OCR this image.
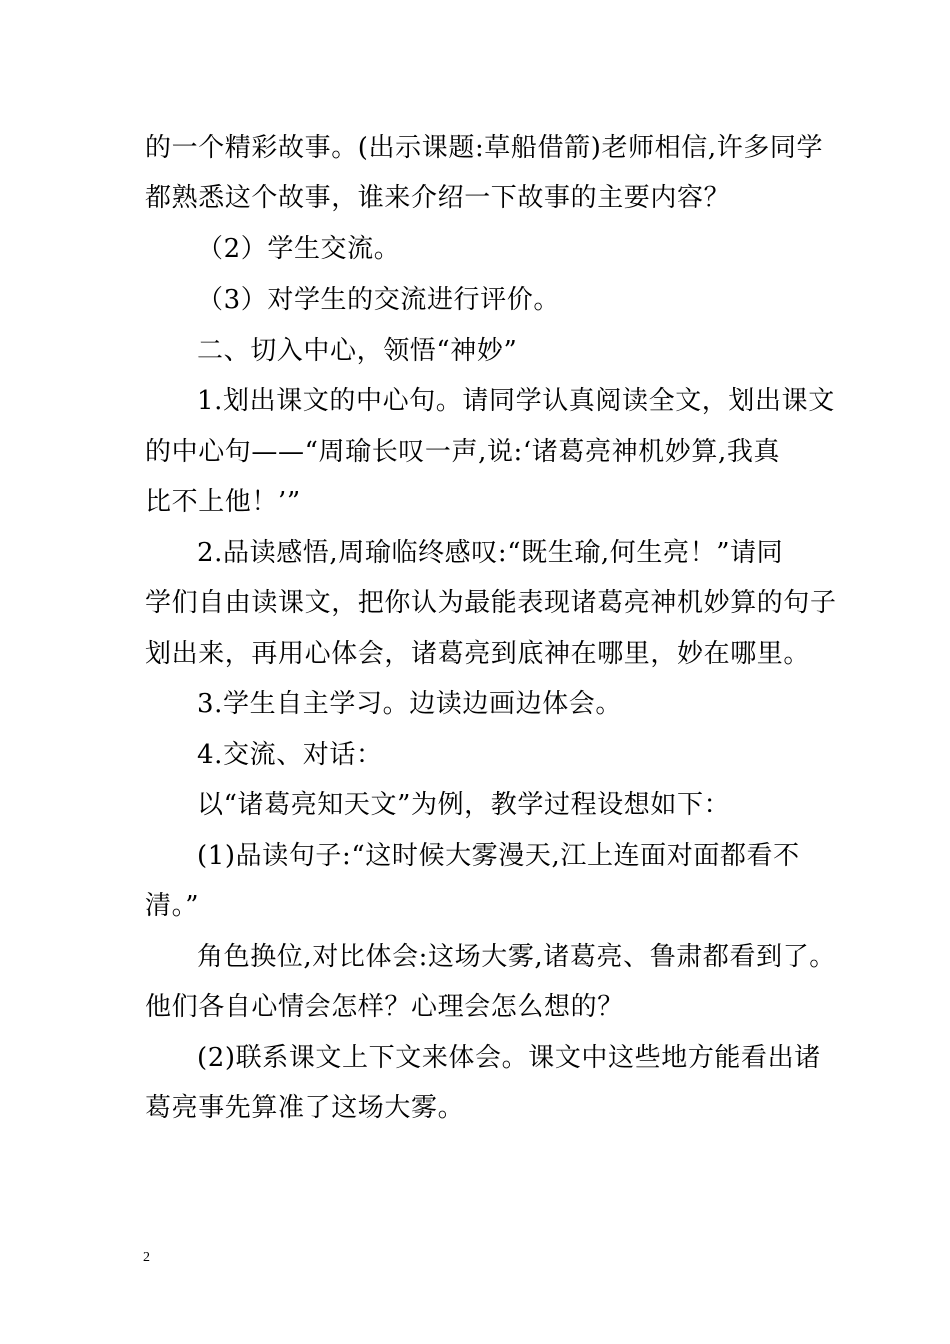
的一个精彩故事。(出示课题:草船借箭)老师相信,许多同学
都熟悉这个故事，谁来介绍一下故事的主要内容？
（2）学生交流。
（3）对学生的交流进行评价。
二、切入中心，领悟“神妙”
1.划出课文的中心句。请同学认真阅读全文，划出课文
的中心句——“周瑜长叹一声,说:‘诸葛亮神机妙算,我真
比不上他！’”
2.品读感悟,周瑜临终感叹:“既生瑜,何生亮！”请同
学们自由读课文，把你认为最能表现诸葛亮神机妙算的句子
划出来，再用心体会，诸葛亮到底神在哪里，妙在哪里。
3.学生自主学习。边读边画边体会。
4.交流、对话：
以“诸葛亮知天文”为例，教学过程设想如下：
(1)品读句子:“这时候大雾漫天,江上连面对面都看不
清。”
角色换位,对比体会:这场大雾,诸葛亮、鲁肃都看到了。
他们各自心情会怎样？心理会怎么想的？
(2)联系课文上下文来体会。课文中这些地方能看出诸
葛亮事先算准了这场大雾。
2
